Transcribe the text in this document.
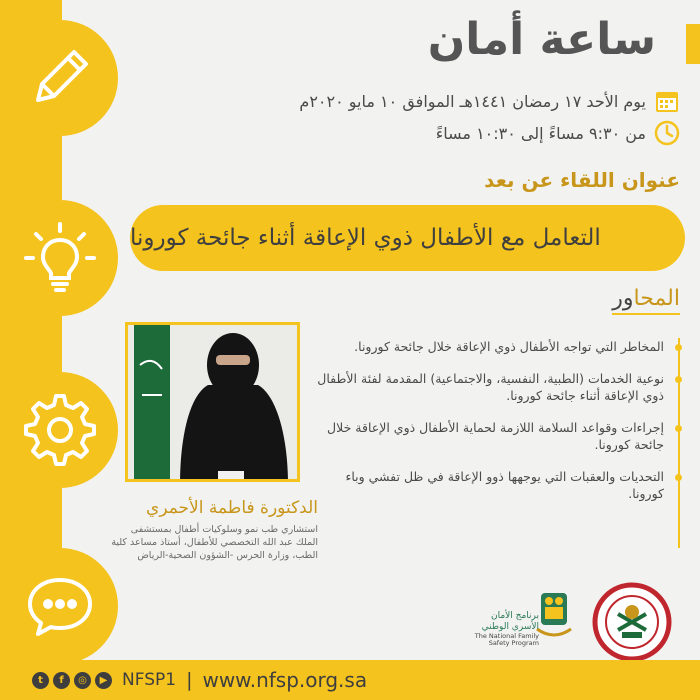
ساعة أمان
يوم الأحد ١٧ رمضان ١٤٤١هـ الموافق ١٠ مايو ٢٠٢٠م
من ٩:٣٠ مساءً إلى ١٠:٣٠ مساءً
عنوان اللقاء عن بعد
التعامل مع الأطفال ذوي الإعاقة أثناء جائحة كورونا
المحاور
المخاطر التي تواجه الأطفال ذوي الإعاقة خلال جائحة كورونا.
نوعية الخدمات (الطبية، النفسية، والاجتماعية) المقدمة لفئة الأطفال ذوي الإعاقة أثناء جائحة كورونا.
إجراءات وقواعد السلامة اللازمة لحماية الأطفال ذوي الإعاقة خلال جائحة كورونا.
التحديات والعقبات التي يوجهها ذوو الإعاقة في ظل تفشي وباء كورونا.
الدكتورة فاطمة الأحمري
استشاري طب نمو وسلوكيات أطفال بمستشفى الملك عبد الله التخصصي للأطفال، أستاذ مساعد كلية الطب، وزارة الحرس -الشؤون الصحية-الرياض
برنامج الأمان الأسري الوطني
The National Family Safety Program
t	f	◎	▶ NFSP1 | www.nfsp.org.sa
